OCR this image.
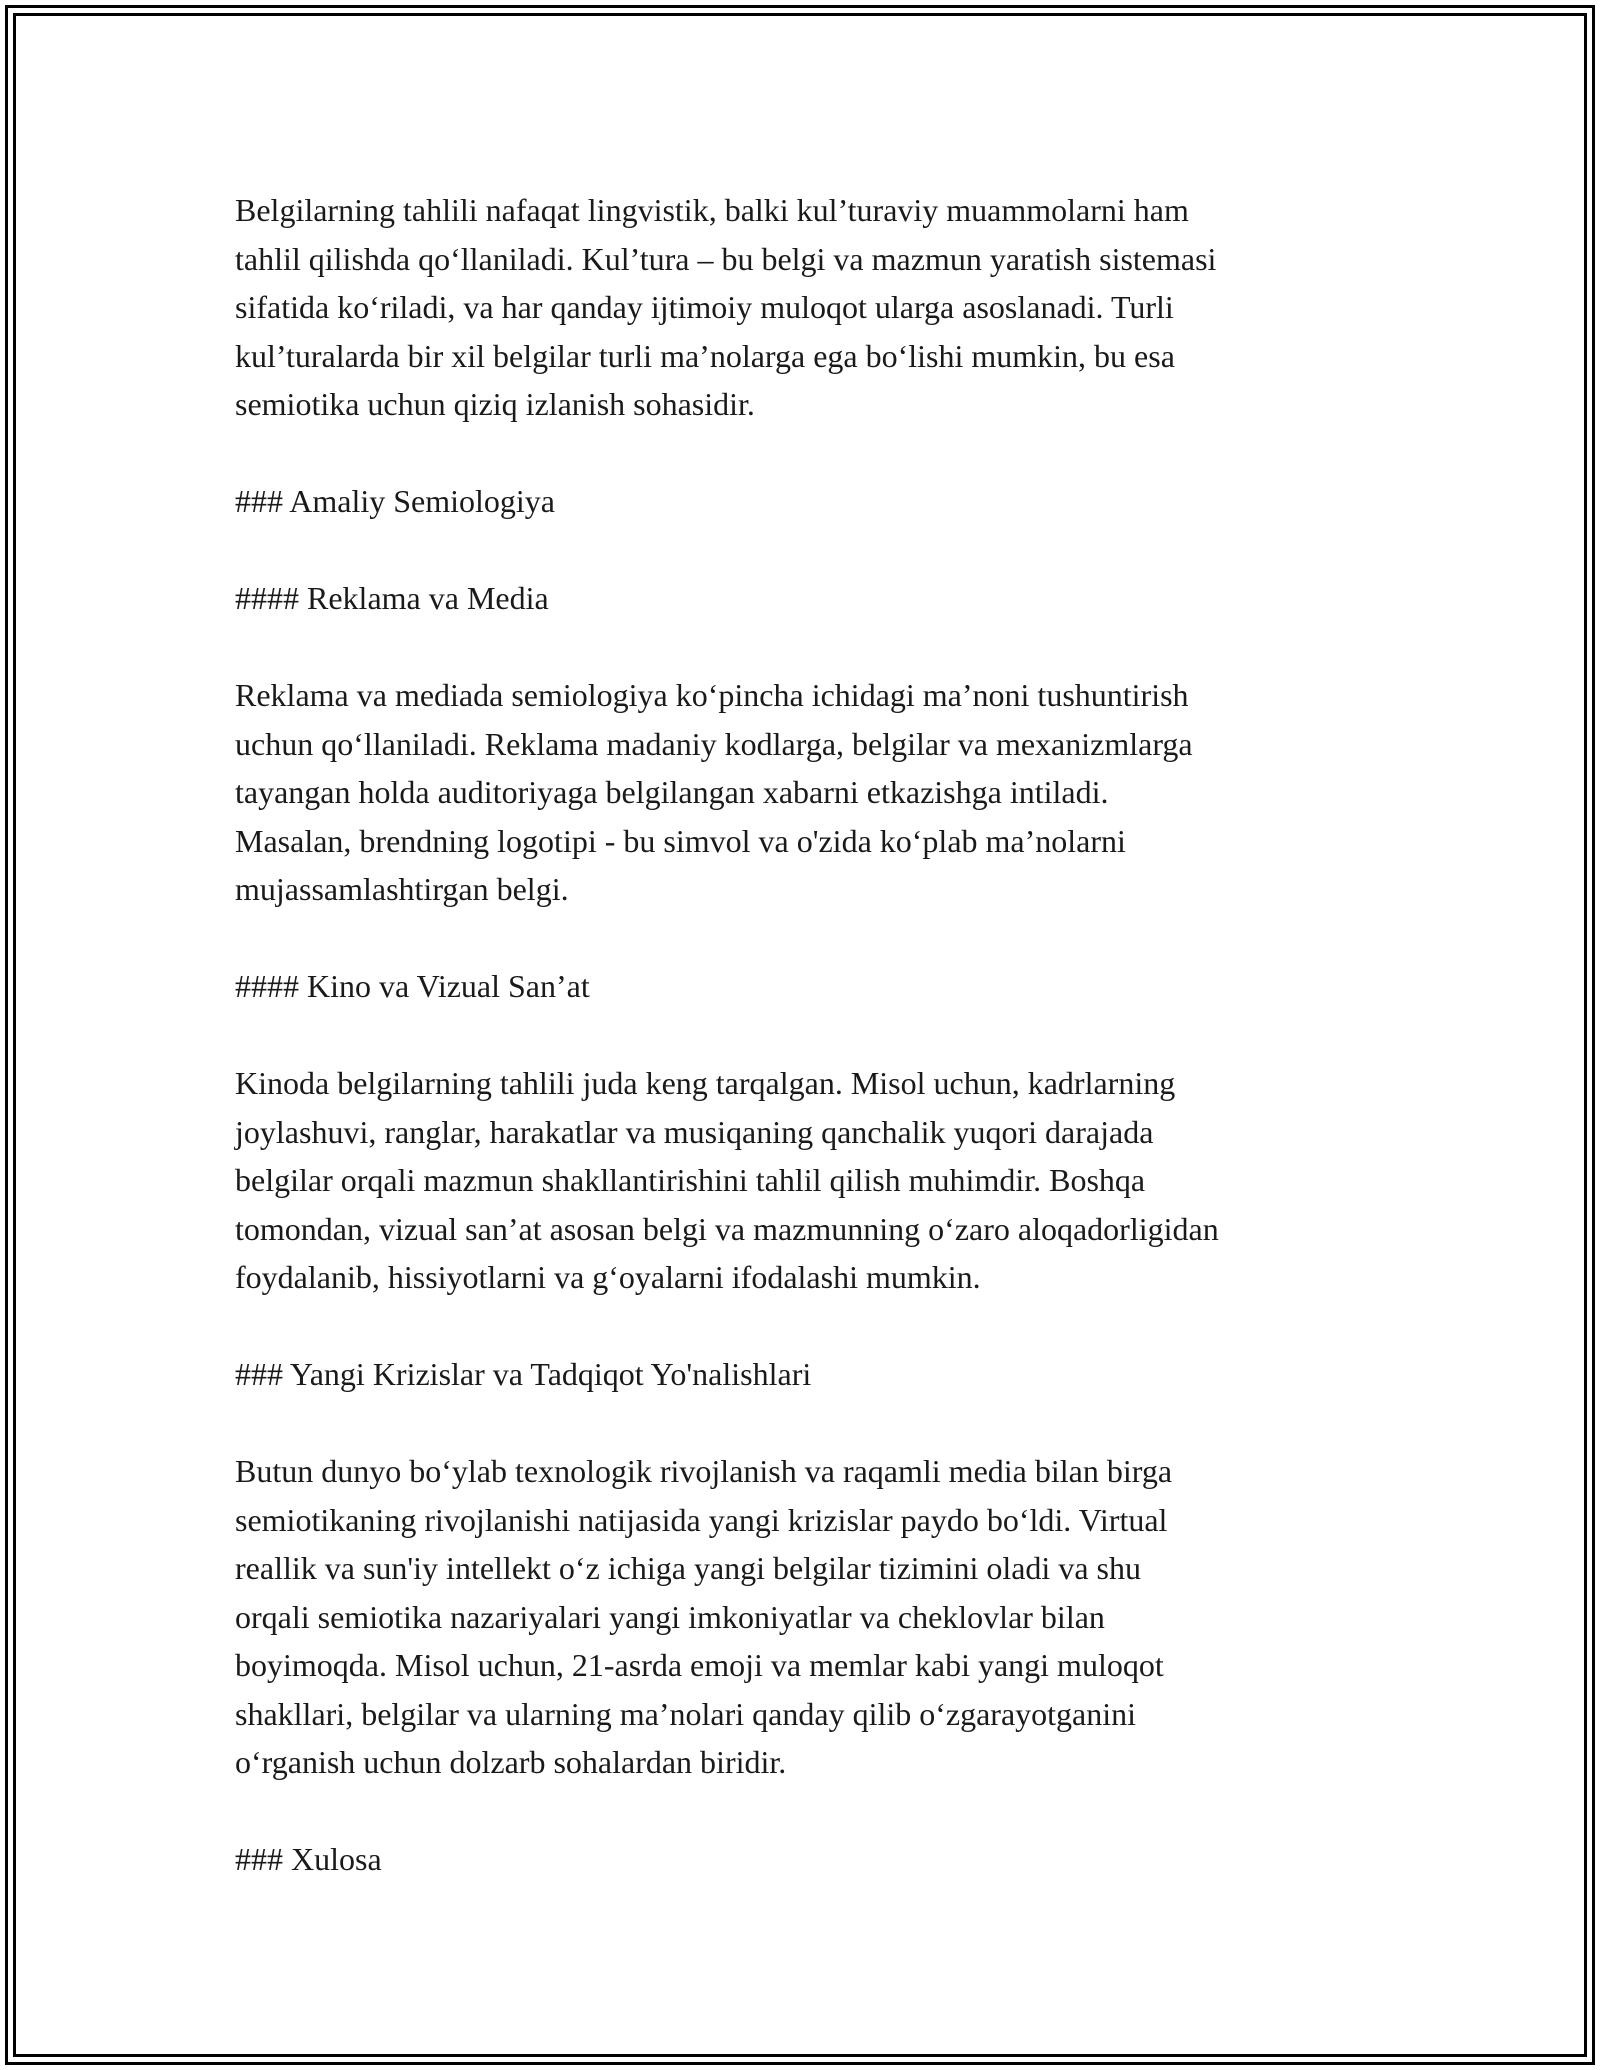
Belgilarning tahlili nafaqat lingvistik, balki kul’turaviy muammolarni ham
tahlil qilishda qo‘llaniladi. Kul’tura – bu belgi va mazmun yaratish sistemasi
sifatida ko‘riladi, va har qanday ijtimoiy muloqot ularga asoslanadi. Turli
kul’turalarda bir xil belgilar turli ma’nolarga ega bo‘lishi mumkin, bu esa
semiotika uchun qiziq izlanish sohasidir.

### Amaliy Semiologiya

#### Reklama va Media

Reklama va mediada semiologiya ko‘pincha ichidagi ma’noni tushuntirish
uchun qo‘llaniladi. Reklama madaniy kodlarga, belgilar va mexanizmlarga
tayangan holda auditoriyaga belgilangan xabarni etkazishga intiladi.
Masalan, brendning logotipi - bu simvol va o'zida ko‘plab ma’nolarni
mujassamlashtirgan belgi.

#### Kino va Vizual San’at

Kinoda belgilarning tahlili juda keng tarqalgan. Misol uchun, kadrlarning
joylashuvi, ranglar, harakatlar va musiqaning qanchalik yuqori darajada
belgilar orqali mazmun shakllantirishini tahlil qilish muhimdir. Boshqa
tomondan, vizual san’at asosan belgi va mazmunning o‘zaro aloqadorligidan
foydalanib, hissiyotlarni va g‘oyalarni ifodalashi mumkin.

### Yangi Krizislar va Tadqiqot Yo'nalishlari

Butun dunyo bo‘ylab texnologik rivojlanish va raqamli media bilan birga
semiotikaning rivojlanishi natijasida yangi krizislar paydo bo‘ldi. Virtual
reallik va sun'iy intellekt o‘z ichiga yangi belgilar tizimini oladi va shu
orqali semiotika nazariyalari yangi imkoniyatlar va cheklovlar bilan
boyimoqda. Misol uchun, 21-asrda emoji va memlar kabi yangi muloqot
shakllari, belgilar va ularning ma’nolari qanday qilib o‘zgarayotganini
o‘rganish uchun dolzarb sohalardan biridir.

### Xulosa
